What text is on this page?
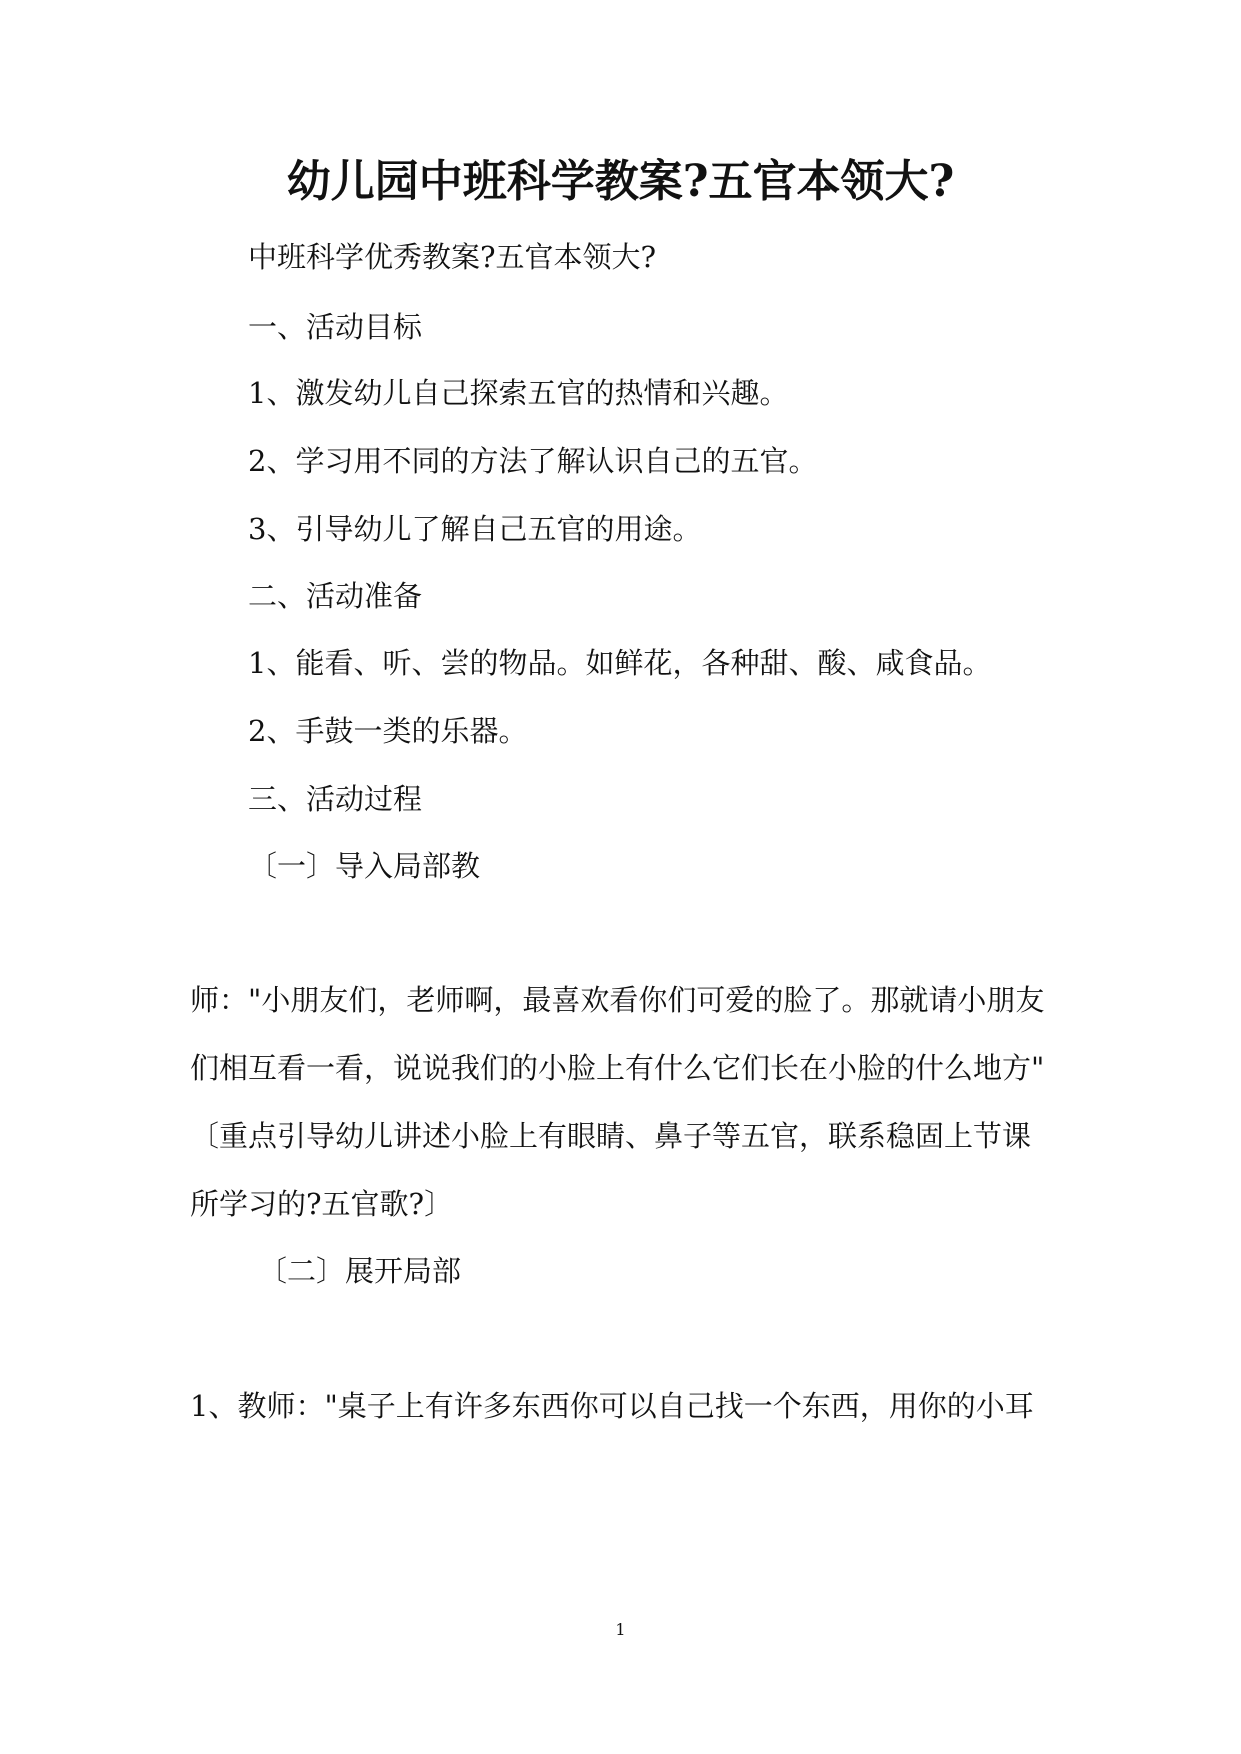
幼儿园中班科学教案?五官本领大?
中班科学优秀教案?五官本领大?
一、活动目标
1、激发幼儿自己探索五官的热情和兴趣。
2、学习用不同的方法了解认识自己的五官。
3、引导幼儿了解自己五官的用途。
二、活动准备
1、能看、听、尝的物品。如鲜花，各种甜、酸、咸食品。
2、手鼓一类的乐器。
三、活动过程
〔一〕导入局部教
师："小朋友们，老师啊，最喜欢看你们可爱的脸了。那就请小朋友
们相互看一看，说说我们的小脸上有什么它们长在小脸的什么地方"
〔重点引导幼儿讲述小脸上有眼睛、鼻子等五官，联系稳固上节课
所学习的?五官歌?〕
〔二〕展开局部
1、教师："桌子上有许多东西你可以自己找一个东西，用你的小耳
1
